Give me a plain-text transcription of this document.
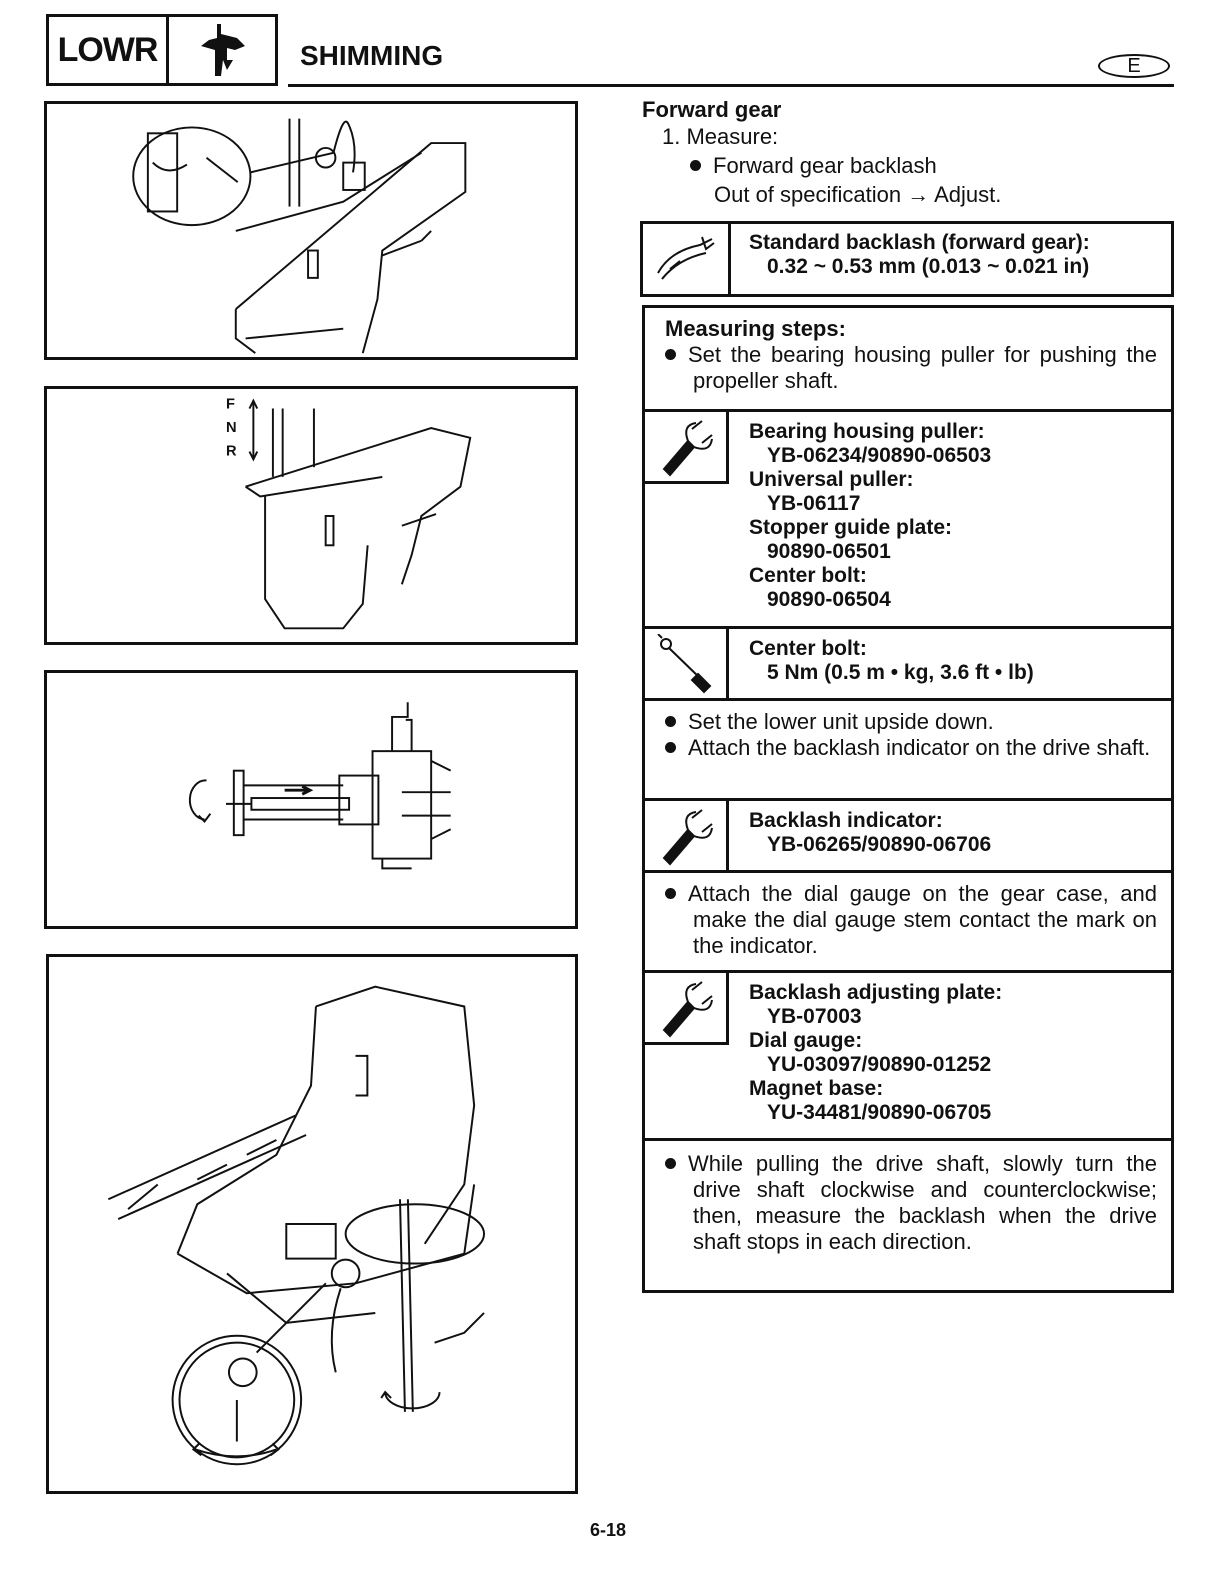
LOWR	SHIMMING	E
F
N
R
Forward gear
1. Measure:
Forward gear backlash
Out of specification → Adjust.
Standard backlash (forward gear):
0.32 ~ 0.53 mm (0.013 ~ 0.021 in)
Measuring steps:
Set the bearing housing puller for pushing the propeller shaft.
Bearing housing puller:
YB-06234/90890-06503
Universal puller:
YB-06117
Stopper guide plate:
90890-06501
Center bolt:
90890-06504
Center bolt:
5 Nm (0.5 m • kg, 3.6 ft • lb)
Set the lower unit upside down.
Attach the backlash indicator on the drive shaft.
Backlash indicator:
YB-06265/90890-06706
Attach the dial gauge on the gear case, and make the dial gauge stem contact the mark on the indicator.
Backlash adjusting plate:
YB-07003
Dial gauge:
YU-03097/90890-01252
Magnet base:
YU-34481/90890-06705
While pulling the drive shaft, slowly turn the drive shaft clockwise and counterclockwise; then, measure the backlash when the drive shaft stops in each direction.
6-18
